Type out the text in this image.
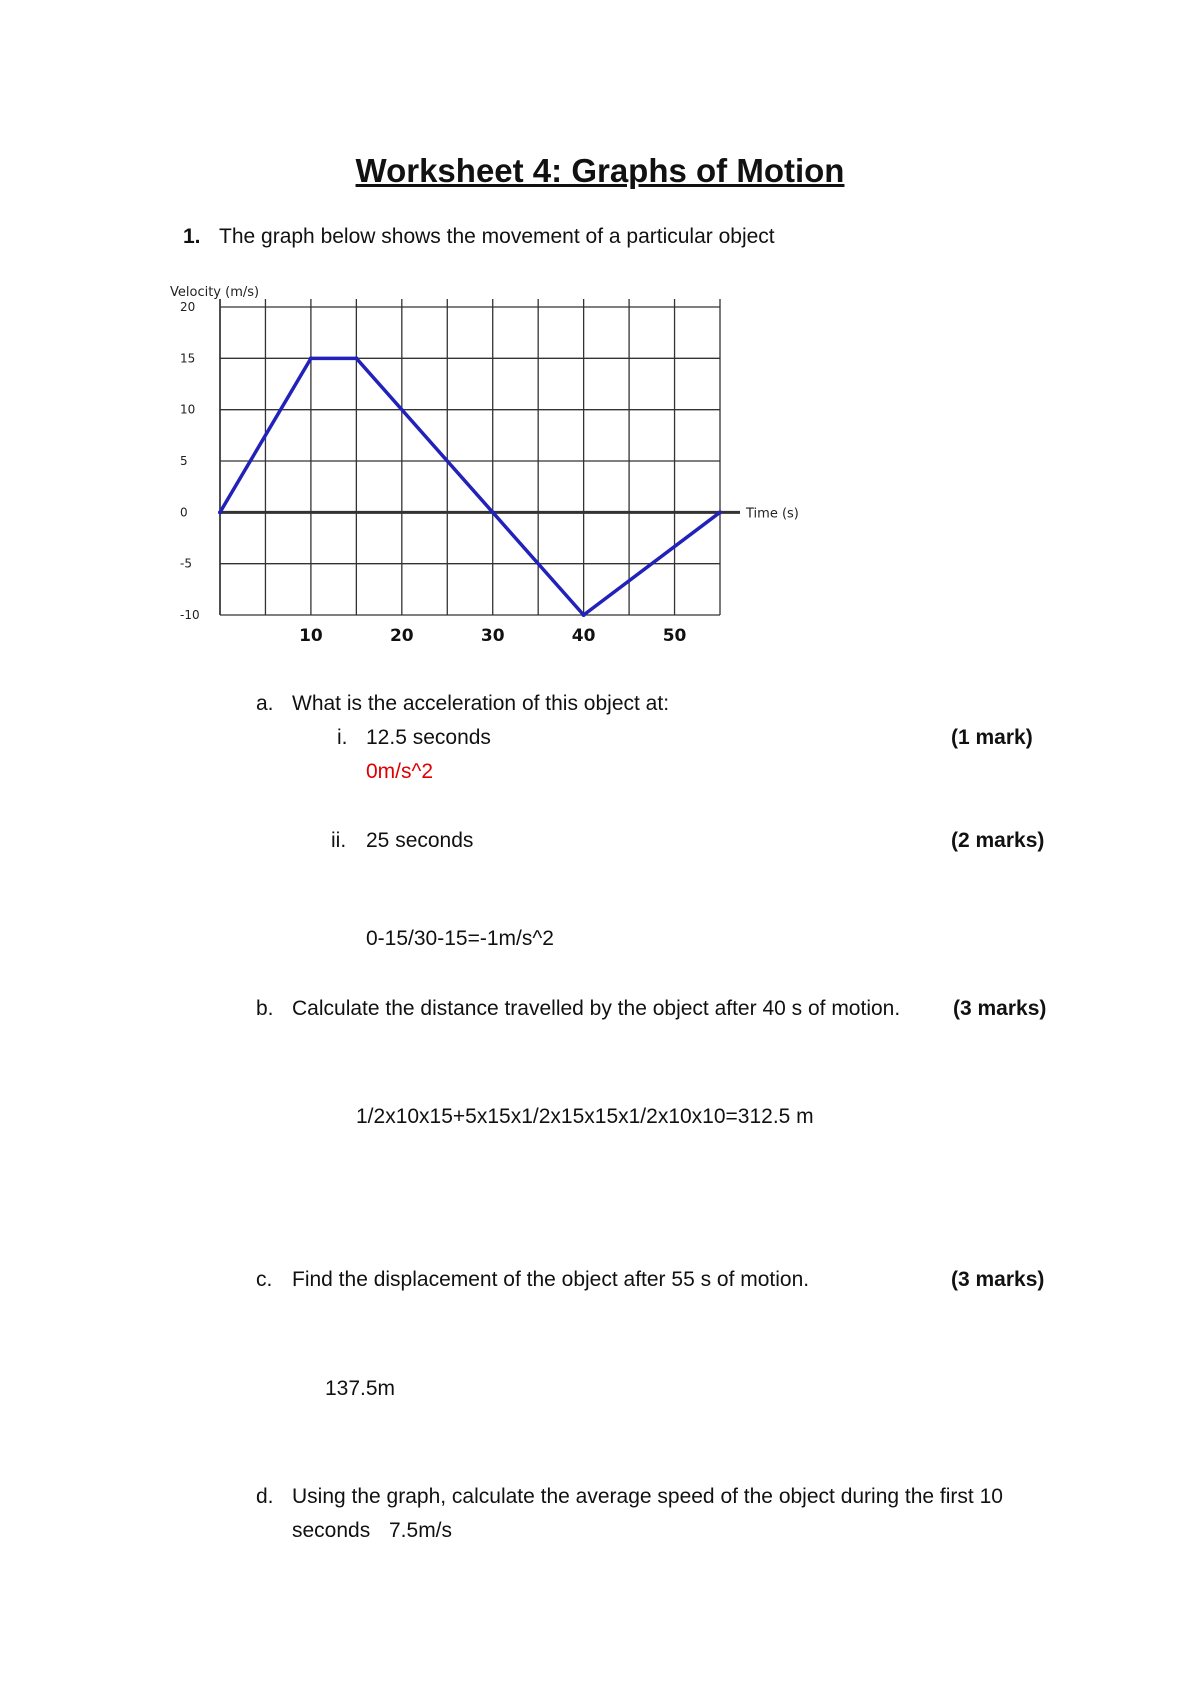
Worksheet 4: Graphs of Motion
1. The graph below shows the movement of a particular object
20
15
10
5
0
-5
-10
10	20	30	40	50
Velocity (m/s)
Time (s)
a. What is the acceleration of this object at:
i. 12.5 seconds	(1 mark)
0m/s^2
ii. 25 seconds	(2 marks)
0-15/30-15=-1m/s^2
b. Calculate the distance travelled by the object after 40 s of motion.	(3 marks)
1/2x10x15+5x15x1/2x15x15x1/2x10x10=312.5 m
c. Find the displacement of the object after 55 s of motion.	(3 marks)
137.5m
d. Using the graph, calculate the average speed of the object during the first 10
seconds 7.5m/s
